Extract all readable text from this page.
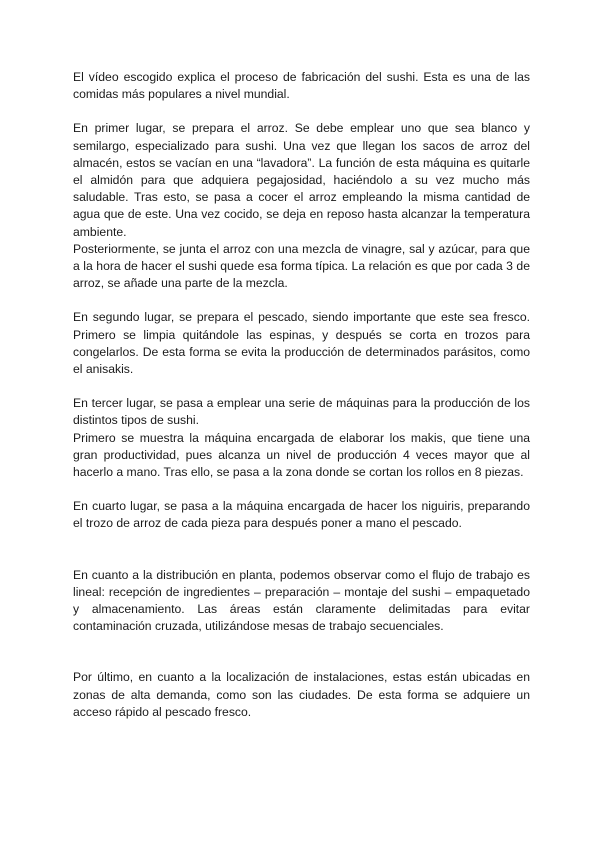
El vídeo escogido explica el proceso de fabricación del sushi. Esta es una de las comidas más populares a nivel mundial.

En primer lugar, se prepara el arroz. Se debe emplear uno que sea blanco y semilargo, especializado para sushi. Una vez que llegan los sacos de arroz del almacén, estos se vacían en una “lavadora”. La función de esta máquina es quitarle el almidón para que adquiera pegajosidad, haciéndolo a su vez mucho más saludable. Tras esto, se pasa a cocer el arroz empleando la misma cantidad de agua que de este. Una vez cocido, se deja en reposo hasta alcanzar la temperatura ambiente.

Posteriormente, se junta el arroz con una mezcla de vinagre, sal y azúcar, para que a la hora de hacer el sushi quede esa forma típica. La relación es que por cada 3 de arroz, se añade una parte de la mezcla.

En segundo lugar, se prepara el pescado, siendo importante que este sea fresco. Primero se limpia quitándole las espinas, y después se corta en trozos para congelarlos. De esta forma se evita la producción de determinados parásitos, como el anisakis.

En tercer lugar, se pasa a emplear una serie de máquinas para la producción de los distintos tipos de sushi.

Primero se muestra la máquina encargada de elaborar los makis, que tiene una gran productividad, pues alcanza un nivel de producción 4 veces mayor que al hacerlo a mano. Tras ello, se pasa a la zona donde se cortan los rollos en 8 piezas.

En cuarto lugar, se pasa a la máquina encargada de hacer los niguiris, preparando el trozo de arroz de cada pieza para después poner a mano el pescado.

En cuanto a la distribución en planta, podemos observar como el flujo de trabajo es lineal: recepción de ingredientes – preparación – montaje del sushi – empaquetado y almacenamiento. Las áreas están claramente delimitadas para evitar contaminación cruzada, utilizándose mesas de trabajo secuenciales.

Por último, en cuanto a la localización de instalaciones, estas están ubicadas en zonas de alta demanda, como son las ciudades. De esta forma se adquiere un acceso rápido al pescado fresco.
